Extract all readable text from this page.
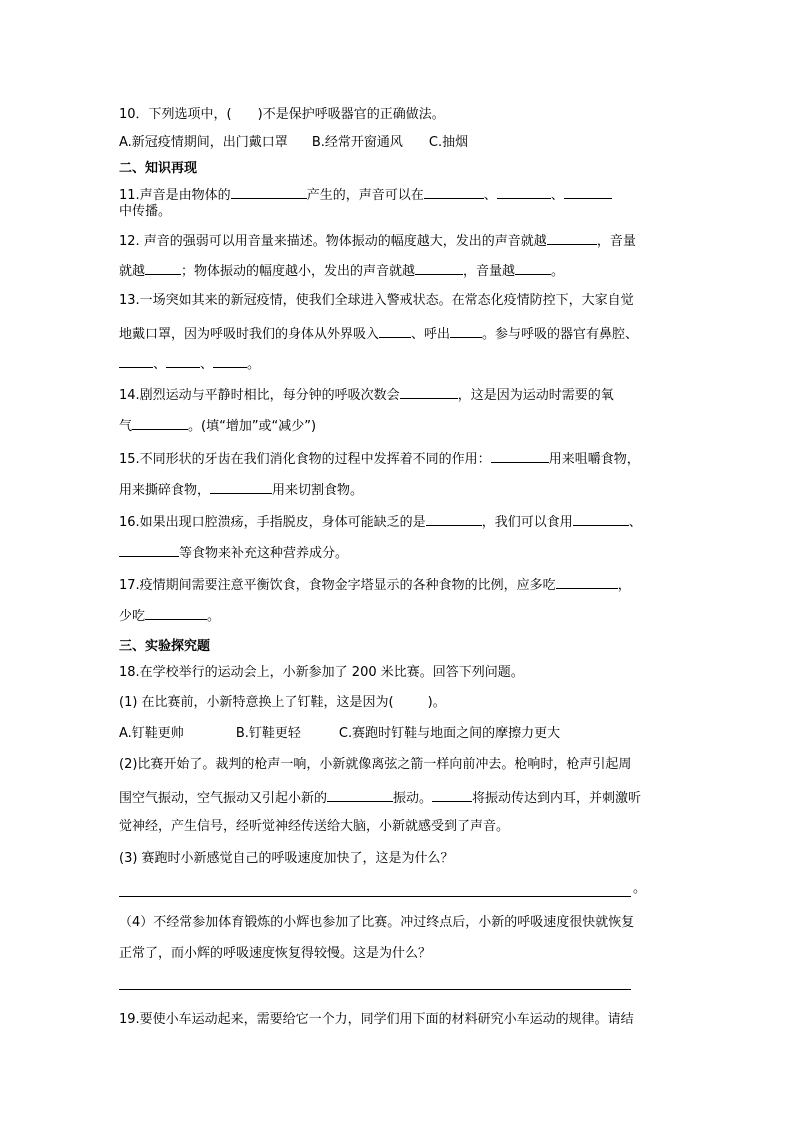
10．下列选项中，( )不是保护呼吸器官的正确做法。
A.新冠疫情期间，出门戴口罩 B.经常开窗通风 C.抽烟
二、知识再现
11.声音是由物体的	产生的，声音可以在	、	、
中传播。
12. 声音的强弱可以用音量来描述。物体振动的幅度越大，发出的声音就越	，音量
就越	；物体振动的幅度越小，发出的声音就越	，音量越	。
13.一场突如其来的新冠疫情，使我们全球进入警戒状态。在常态化疫情防控下，大家自觉
地戴口罩，因为呼吸时我们的身体从外界吸入 、呼出 。参与呼吸的器官有鼻腔、
、	、	。
14.剧烈运动与平静时相比，每分钟的呼吸次数会	，这是因为运动时需要的氧
气	。(填“增加”或“减少”)
15.不同形状的牙齿在我们消化食物的过程中发挥着不同的作用：	用来咀嚼食物，
用来撕碎食物，	用来切割食物。
16.如果出现口腔溃疡，手指脱皮，身体可能缺乏的是	，我们可以食用	、
等食物来补充这种营养成分。
17.疫情期间需要注意平衡饮食，食物金字塔显示的各种食物的比例，应多吃	，
少吃	。
三、实验探究题
18.在学校举行的运动会上，小新参加了 200 米比赛。回答下列问题。
(1) 在比赛前，小新特意换上了钉鞋，这是因为(	)。
A.钉鞋更帅	B.钉鞋更轻	C.赛跑时钉鞋与地面之间的摩擦力更大
(2)比赛开始了。裁判的枪声一响，小新就像离弦之箭一样向前冲去。枪响时，枪声引起周
围空气振动，空气振动又引起小新的	振动。	将振动传达到内耳，并刺激听
觉神经，产生信号，经听觉神经传送给大脑，小新就感受到了声音。
(3) 赛跑时小新感觉自己的呼吸速度加快了，这是为什么？
。
（4）不经常参加体育锻炼的小辉也参加了比赛。冲过终点后，小新的呼吸速度很快就恢复
正常了，而小辉的呼吸速度恢复得较慢。这是为什么？
19.要使小车运动起来，需要给它一个力，同学们用下面的材料研究小车运动的规律。请结
